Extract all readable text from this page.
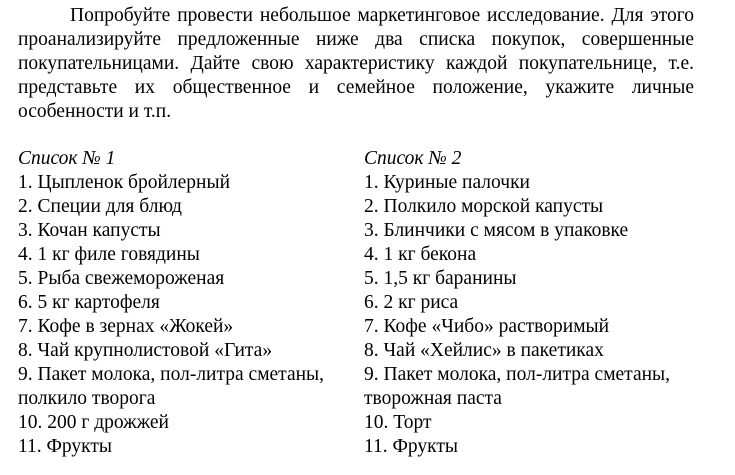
Попробуйте провести небольшое маркетинговое исследование. Для этого проанализируйте предложенные ниже два списка покупок, совершенные покупательницами. Дайте свою характеристику каждой покупательнице, т.е. представьте их общественное и семейное положение, укажите личные особенности и т.п.

Список № 1
1. Цыпленок бройлерный
2. Специи для блюд
3. Кочан капусты
4. 1 кг филе говядины
5. Рыба свежемороженая
6. 5 кг картофеля
7. Кофе в зернах «Жокей»
8. Чай крупнолистовой «Гита»
9. Пакет молока, пол-литра сметаны, полкило творога
10. 200 г дрожжей
11. Фрукты
Список № 2
1. Куриные палочки
2. Полкило морской капусты
3. Блинчики с мясом в упаковке
4. 1 кг бекона
5. 1,5 кг баранины
6. 2 кг риса
7. Кофе «Чибо» растворимый
8. Чай «Хейлис» в пакетиках
9. Пакет молока, пол-литра сметаны, творожная паста
10. Торт
11. Фрукты
